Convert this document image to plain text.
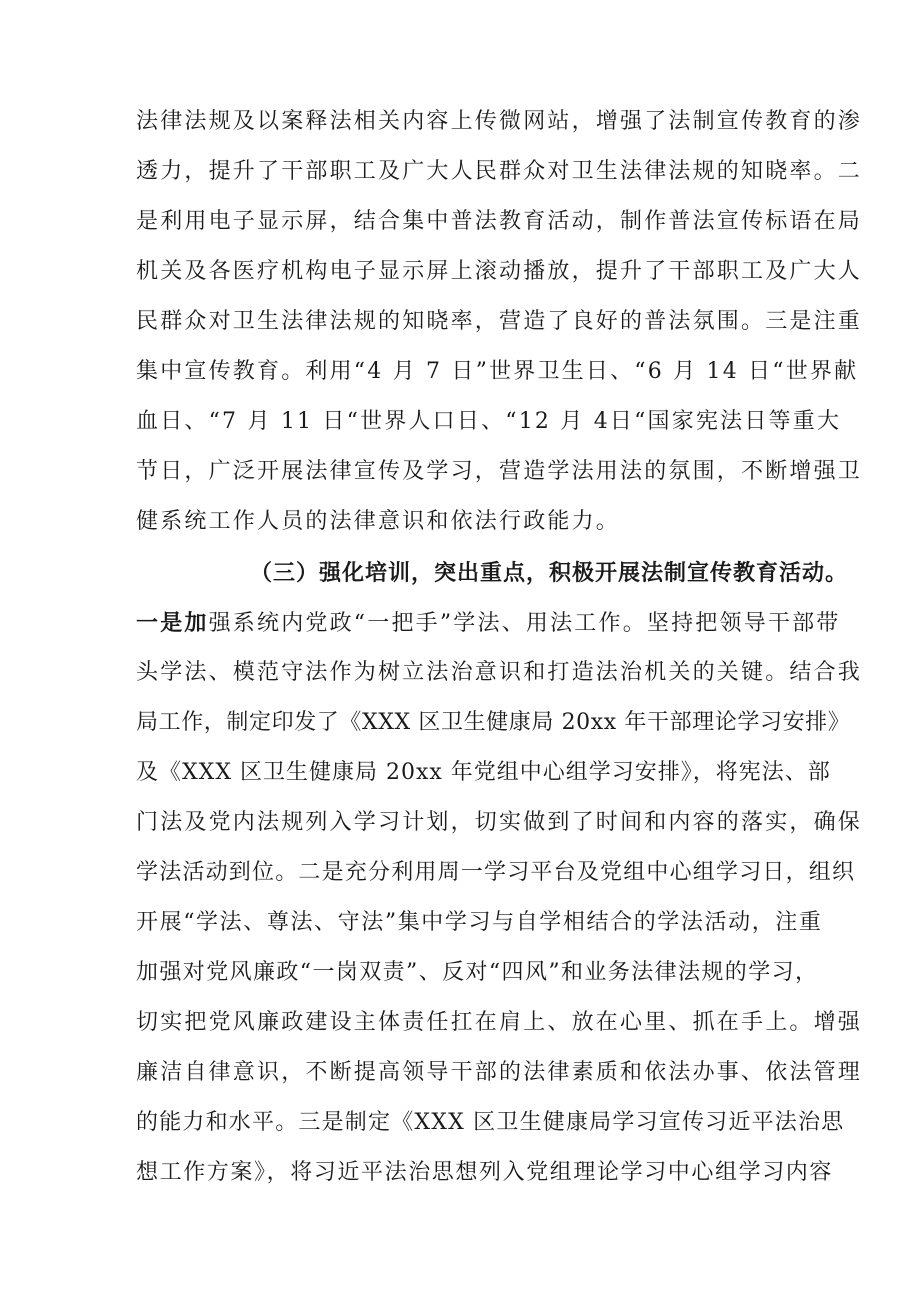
法律法规及以案释法相关内容上传微网站，增强了法制宣传教育的渗
透力，提升了干部职工及广大人民群众对卫生法律法规的知晓率。二
是利用电子显示屏，结合集中普法教育活动，制作普法宣传标语在局
机关及各医疗机构电子显示屏上滚动播放，提升了干部职工及广大人
民群众对卫生法律法规的知晓率，营造了良好的普法氛围。三是注重
集中宣传教育。利用“4 月 7 日”世界卫生日、“6 月 14 日“世界献
血日、“7 月 11 日“世界人口日、“12 月 4日“国家宪法日等重大
节日，广泛开展法律宣传及学习，营造学法用法的氛围，不断增强卫
健系统工作人员的法律意识和依法行政能力。
（三）强化培训，突出重点，积极开展法制宣传教育活动。
一是加强系统内党政“一把手”学法、用法工作。坚持把领导干部带
头学法、模范守法作为树立法治意识和打造法治机关的关键。结合我
局工作，制定印发了《XXX 区卫生健康局 20xx 年干部理论学习安排》
及《XXX 区卫生健康局 20xx 年党组中心组学习安排》，将宪法、部
门法及党内法规列入学习计划，切实做到了时间和内容的落实，确保
学法活动到位。二是充分利用周一学习平台及党组中心组学习日，组织
开展“学法、尊法、守法”集中学习与自学相结合的学法活动，注重
加强对党风廉政“一岗双责”、反对“四风”和业务法律法规的学习，
切实把党风廉政建设主体责任扛在肩上、放在心里、抓在手上。增强
廉洁自律意识，不断提高领导干部的法律素质和依法办事、依法管理
的能力和水平。三是制定《XXX 区卫生健康局学习宣传习近平法治思
想工作方案》，将习近平法治思想列入党组理论学习中心组学习内容
